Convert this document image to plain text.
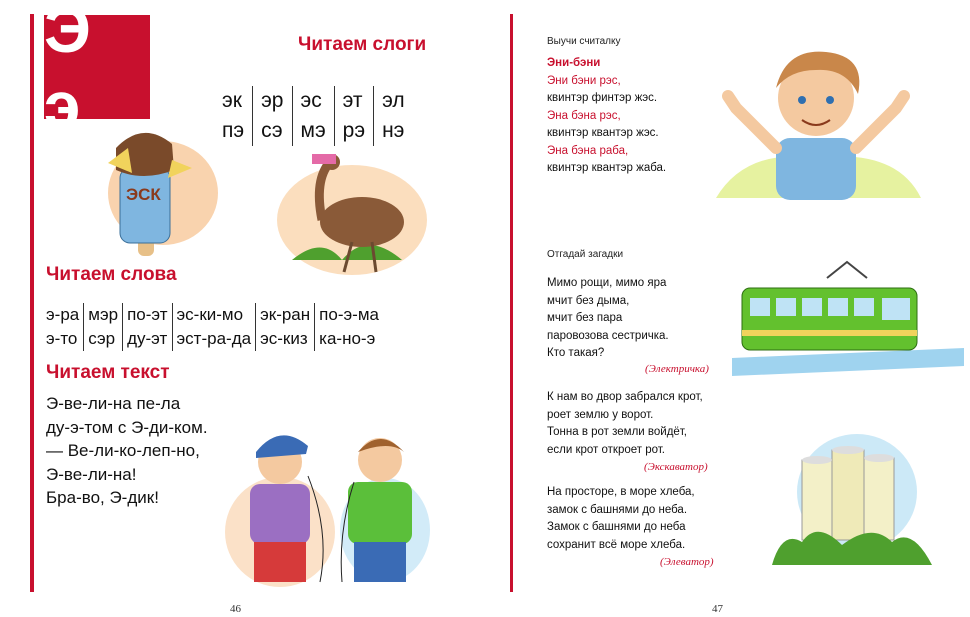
Э э
Читаем слоги
эк	эр	эс	эт	эл
пэ	сэ	мэ	рэ	нэ
ЭСК
Читаем слова
э-ра	мэр	по-эт	эс-ки-мо	эк-ран	по-э-ма
э-то	сэр	ду-эт	эст-ра-да	эс-киз	ка-но-э
Читаем текст
Э-ве-ли-на пе-ла
ду-э-том с Э-ди-ком.
— Ве-ли-ко-леп-но,
Э-ве-ли-на!
Бра-во, Э-дик!
46
Выучи считалку
Эни-бэни
Эни бэни рэс,
квинтэр финтэр жэс.
Эна бэна рэс,
квинтэр квантэр жэс.
Эна бэна раба,
квинтэр квантэр жаба.
Отгадай загадки
Мимо рощи, мимо яра
мчит без дыма,
мчит без пара
паровозова сестричка.
Кто такая?
(Электричка)
К нам во двор забрался крот,
роет землю у ворот.
Тонна в рот земли войдёт,
если крот откроет рот.
(Экскаватор)
На просторе, в море хлеба,
замок с башнями до неба.
Замок с башнями до неба
сохранит всё море хлеба.
(Элеватор)
47
